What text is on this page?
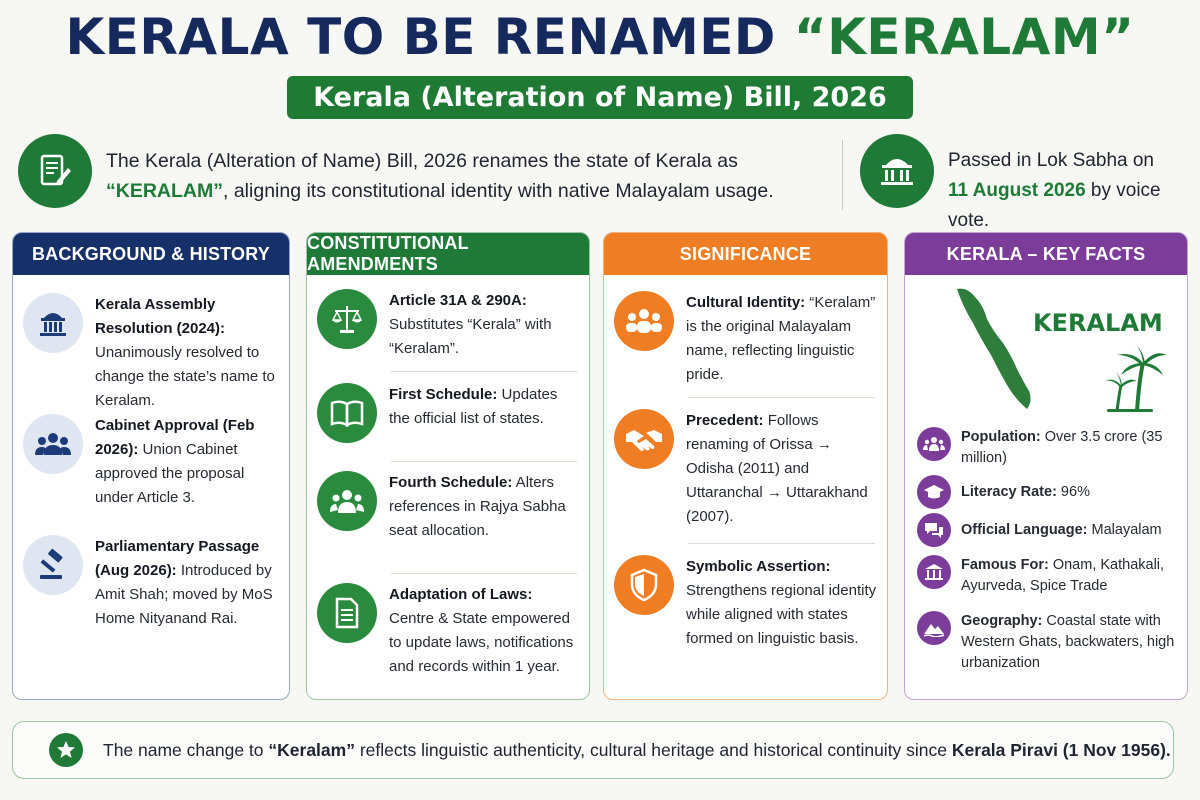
KERALA TO BE RENAMED “KERALAM”
Kerala (Alteration of Name) Bill, 2026
The Kerala (Alteration of Name) Bill, 2026 renames the state of Kerala as
“KERALAM”, aligning its constitutional identity with native Malayalam usage.
Passed in Lok Sabha on
11 August 2026 by voice vote.
BACKGROUND & HISTORY
Kerala Assembly Resolution (2024): Unanimously resolved to change the state’s name to Keralam.
Cabinet Approval (Feb 2026): Union Cabinet approved the proposal under Article 3.
Parliamentary Passage (Aug 2026): Introduced by Amit Shah; moved by MoS Home Nityanand Rai.
CONSTITUTIONAL AMENDMENTS
Article 31A & 290A: Substitutes “Kerala” with “Keralam”.
First Schedule: Updates the official list of states.
Fourth Schedule: Alters references in Rajya Sabha seat allocation.
Adaptation of Laws: Centre & State empowered to update laws, notifications and records within 1 year.
SIGNIFICANCE
Cultural Identity: “Keralam” is the original Malayalam name, reflecting linguistic pride.
Precedent: Follows renaming of Orissa → Odisha (2011) and Uttaranchal → Uttarakhand (2007).
Symbolic Assertion: Strengthens regional identity while aligned with states formed on linguistic basis.
KERALA – KEY FACTS
KERALAM
Population: Over 3.5 crore (35 million)
Literacy Rate: 96%
Official Language: Malayalam
Famous For: Onam, Kathakali, Ayurveda, Spice Trade
Geography: Coastal state with Western Ghats, backwaters, high urbanization
The name change to “Keralam” reflects linguistic authenticity, cultural heritage and historical continuity since Kerala Piravi (1 Nov 1956).
